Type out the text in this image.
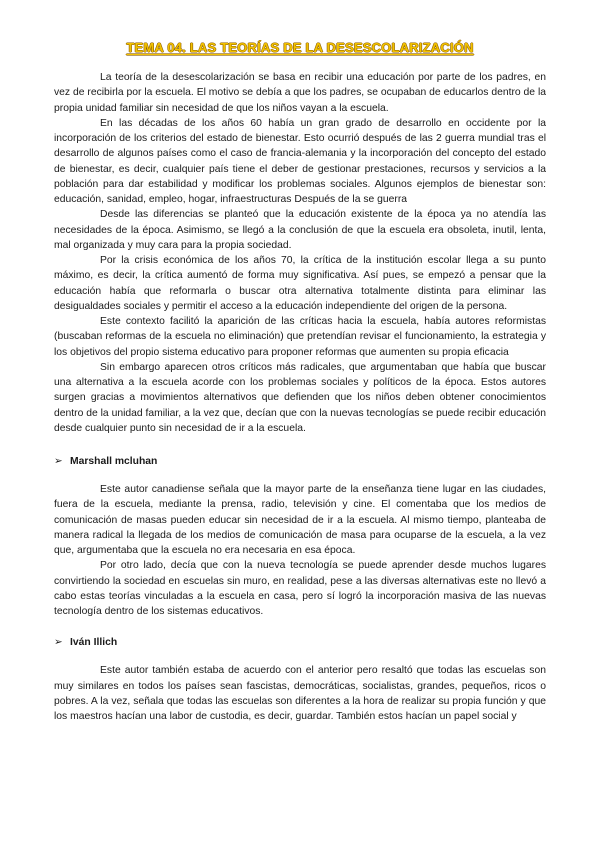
TEMA 04. LAS TEORÍAS DE LA DESESCOLARIZACIÓN

La teoría de la desescolarización se basa en recibir una educación por parte de los padres, en vez de recibirla por la escuela. El motivo se debía a que los padres, se ocupaban de educarlos dentro de la propia unidad familiar sin necesidad de que los niños vayan a la escuela.

En las décadas de los años 60 había un gran grado de desarrollo en occidente por la incorporación de los criterios del estado de bienestar. Esto ocurrió después de las 2 guerra mundial tras el desarrollo de algunos países como el caso de francia-alemania y la incorporación del concepto del estado de bienestar, es decir, cualquier país tiene el deber de gestionar prestaciones, recursos y servicios a la población para dar estabilidad y modificar los problemas sociales. Algunos ejemplos de bienestar son: educación, sanidad, empleo, hogar, infraestructuras Después de la se guerra

Desde las diferencias se planteó que la educación existente de la época ya no atendía las necesidades de la época. Asimismo, se llegó a la conclusión de que la escuela era obsoleta, inutil, lenta, mal organizada y muy cara para la propia sociedad.

Por la crisis económica de los años 70, la crítica de la institución escolar llega a su punto máximo, es decir, la crítica aumentó de forma muy significativa. Así pues, se empezó a pensar que la educación había que reformarla o buscar otra alternativa totalmente distinta para eliminar las desigualdades sociales y permitir el acceso a la educación independiente del origen de la persona.

Este contexto facilitó la aparición de las críticas hacia la escuela, había autores reformistas (buscaban reformas de la escuela no eliminación) que pretendían revisar el funcionamiento, la estrategia y los objetivos del propio sistema educativo para proponer reformas que aumenten su propia eficacia

Sin embargo aparecen otros críticos más radicales, que argumentaban que había que buscar una alternativa a la escuela acorde con los problemas sociales y políticos de la época. Estos autores surgen gracias a movimientos alternativos que defienden que los niños deben obtener conocimientos dentro de la unidad familiar, a la vez que, decían que con la nuevas tecnologías se puede recibir educación desde cualquier punto sin necesidad de ir a la escuela.

➢ Marshall mcluhan

Este autor canadiense señala que la mayor parte de la enseñanza tiene lugar en las ciudades, fuera de la escuela, mediante la prensa, radio, televisión y cine. El comentaba que los medios de comunicación de masas pueden educar sin necesidad de ir a la escuela. Al mismo tiempo, planteaba de manera radical la llegada de los medios de comunicación de masa para ocuparse de la escuela, a la vez que, argumentaba que la escuela no era necesaria en esa época.

Por otro lado, decía que con la nueva tecnología se puede aprender desde muchos lugares convirtiendo la sociedad en escuelas sin muro, en realidad, pese a las diversas alternativas este no llevó a cabo estas teorías vinculadas a la escuela en casa, pero sí logró la incorporación masiva de las nuevas tecnología dentro de los sistemas educativos.

➢ Iván Illich

Este autor también estaba de acuerdo con el anterior pero resaltó que todas las escuelas son muy similares en todos los países sean fascistas, democráticas, socialistas, grandes, pequeños, ricos o pobres. A la vez, señala que todas las escuelas son diferentes a la hora de realizar su propia función y que los maestros hacían una labor de custodia, es decir, guardar. También estos hacían un papel social y
